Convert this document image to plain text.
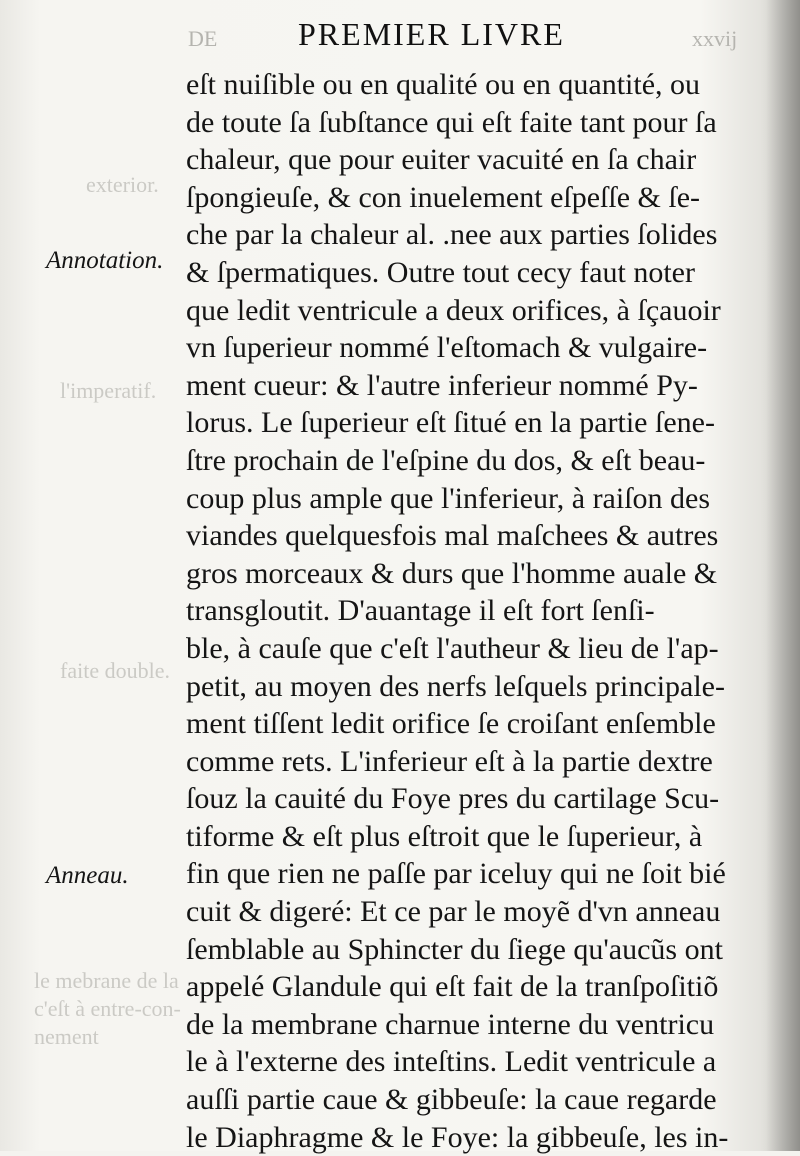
DE	PREMIER LIVRE	xxvij
exterior.
l'imperatif.
faite double.
le mebrane de la
c'eſt à entre-con-
nement
Annotation.
Anneau.
eſt nuiſible ou en qualité ou en quantité, ou
de toute ſa ſubſtance qui eſt faite tant pour ſa
chaleur, que pour euiter vacuité en ſa chair
ſpongieuſe, & con inuelement eſpeſſe & ſe-
che par la chaleur al. .nee aux parties ſolides
& ſpermatiques. Outre tout cecy faut noter
que ledit ventricule a deux orifices, à ſçauoir
vn ſuperieur nommé l'eſtomach & vulgaire-
ment cueur: & l'autre inferieur nommé Py-
lorus. Le ſuperieur eſt ſitué en la partie ſene-
ſtre prochain de l'eſpine du dos, & eſt beau-
coup plus ample que l'inferieur, à raiſon des
viandes quelquesfois mal maſchees & autres
gros morceaux & durs que l'homme auale &
transgloutit. D'auantage il eſt fort ſenſi-
ble, à cauſe que c'eſt l'autheur & lieu de l'ap-
petit, au moyen des nerfs leſquels principale-
ment tiſſent ledit orifice ſe croiſant enſemble
comme rets. L'inferieur eſt à la partie dextre
ſouz la cauité du Foye pres du cartilage Scu-
tiforme & eſt plus eſtroit que le ſuperieur, à
fin que rien ne paſſe par iceluy qui ne ſoit bié
cuit & digeré: Et ce par le moyẽ d'vn anneau
ſemblable au Sphincter du ſiege qu'aucũs ont
appelé Glandule qui eſt fait de la tranſpoſitiõ
de la membrane charnue interne du ventricu
le à l'externe des inteſtins. Ledit ventricule a
auſſi partie caue & gibbeuſe: la caue regarde
le Diaphragme & le Foye: la gibbeuſe, les in-
